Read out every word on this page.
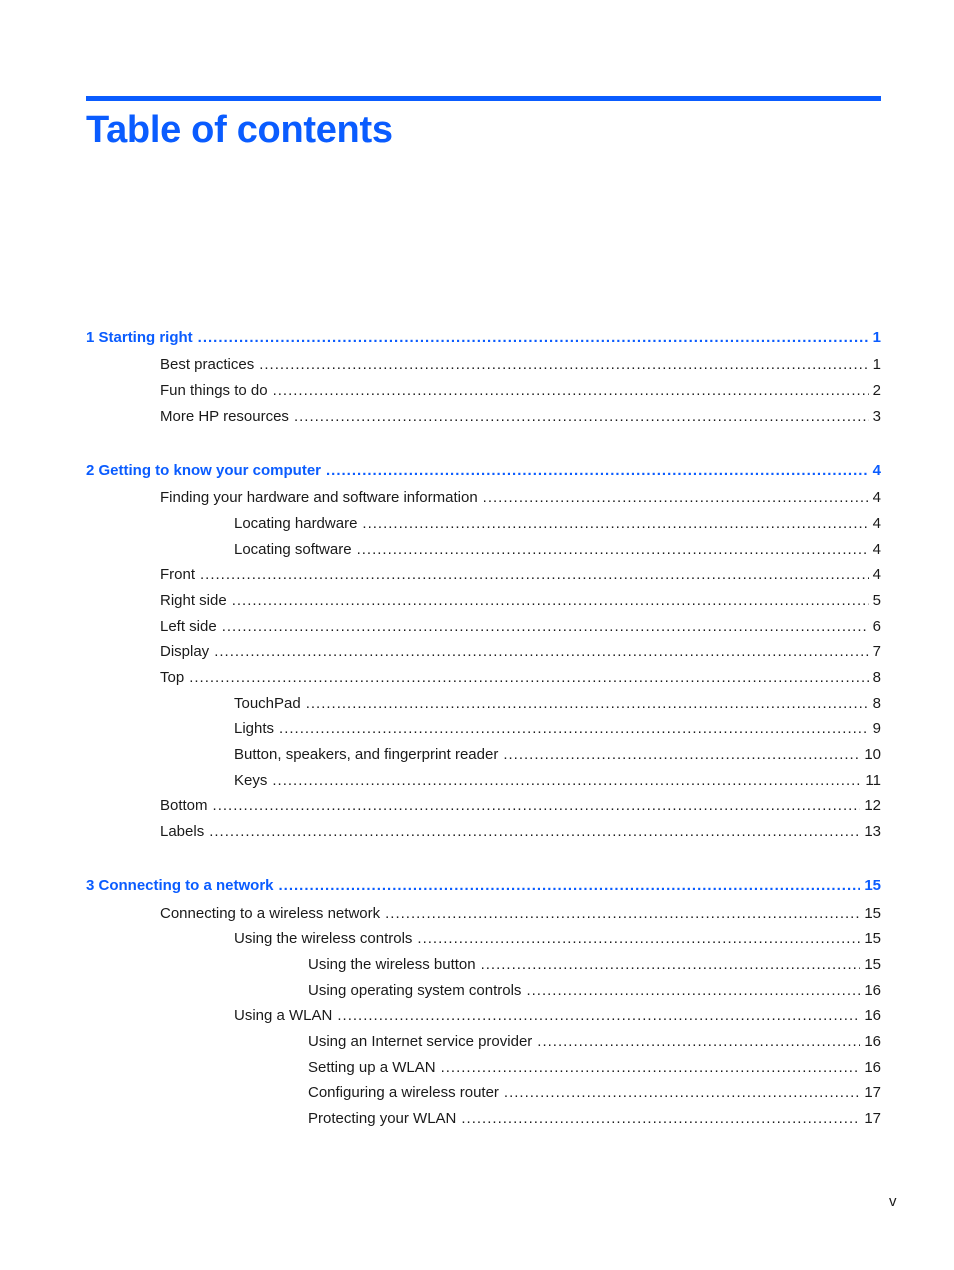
Table of contents
1 Starting right .....	1
Best practices .....	1
Fun things to do .....	2
More HP resources .....	3
2 Getting to know your computer .....	4
Finding your hardware and software information .....	4
Locating hardware .....	4
Locating software .....	4
Front .....	4
Right side .....	5
Left side .....	6
Display .....	7
Top .....	8
TouchPad .....	8
Lights .....	9
Button, speakers, and fingerprint reader .....	10
Keys .....	11
Bottom .....	12
Labels .....	13
3 Connecting to a network .....	15
Connecting to a wireless network .....	15
Using the wireless controls .....	15
Using the wireless button .....	15
Using operating system controls .....	16
Using a WLAN .....	16
Using an Internet service provider .....	16
Setting up a WLAN .....	16
Configuring a wireless router .....	17
Protecting your WLAN .....	17
v
